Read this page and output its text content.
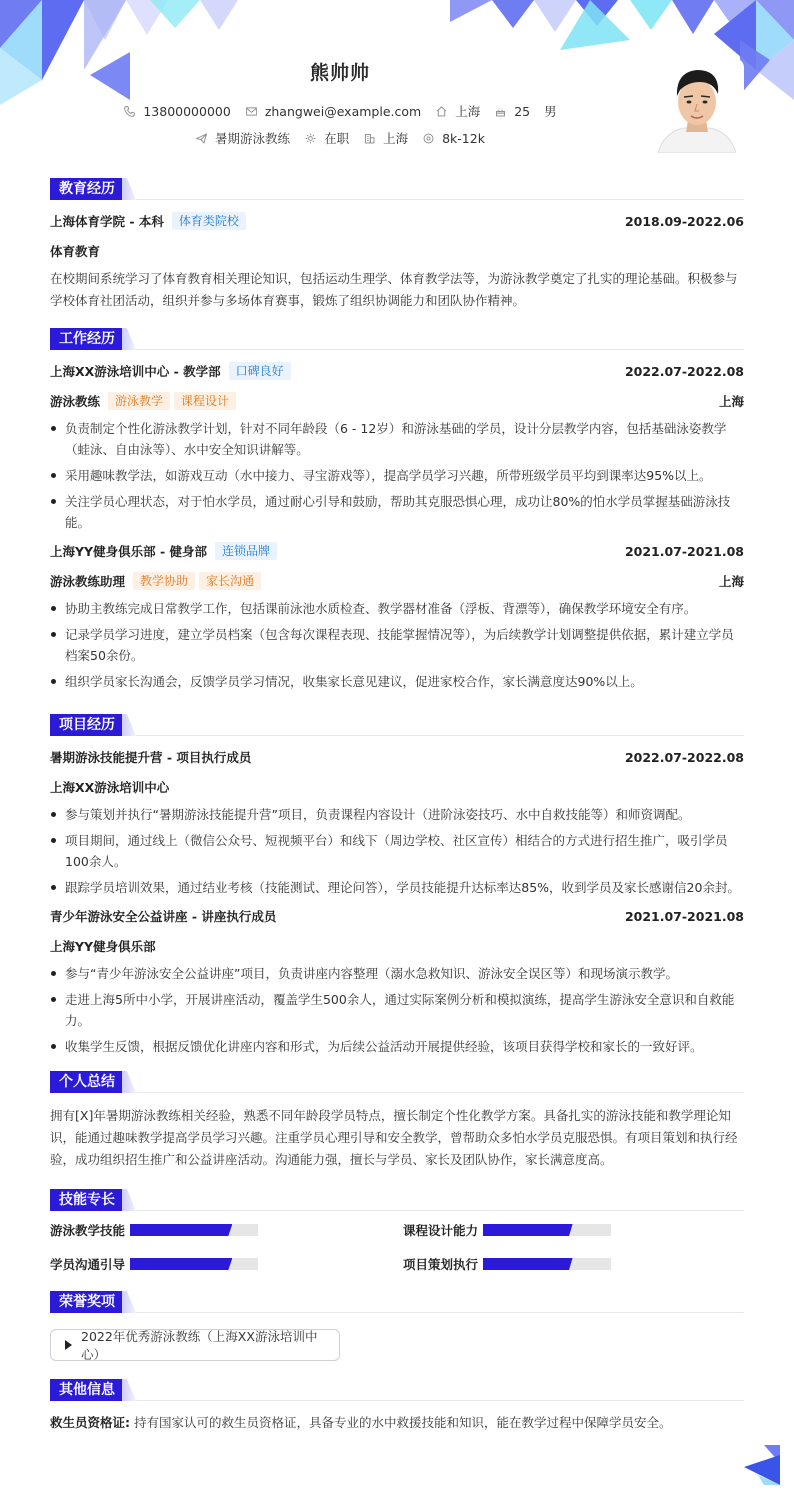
熊帅帅
13800000000	zhangwei@example.com	上海	25 男
暑期游泳教练	在职	上海	8k-12k
教育经历
上海体育学院 - 本科	体育类院校	2018.09-2022.06
体育教育
在校期间系统学习了体育教育相关理论知识，包括运动生理学、体育教学法等，为游泳教学奠定了扎实的理论基础。积极参与学校体育社团活动，组织并参与多场体育赛事，锻炼了组织协调能力和团队协作精神。
工作经历
上海XX游泳培训中心 - 教学部	口碑良好	2022.07-2022.08
游泳教练	游泳教学	课程设计	上海
负责制定个性化游泳教学计划，针对不同年龄段（6 - 12岁）和游泳基础的学员，设计分层教学内容，包括基础泳姿教学（蛙泳、自由泳等）、水中安全知识讲解等。
采用趣味教学法，如游戏互动（水中接力、寻宝游戏等），提高学员学习兴趣，所带班级学员平均到课率达95%以上。
关注学员心理状态，对于怕水学员，通过耐心引导和鼓励，帮助其克服恐惧心理，成功让80%的怕水学员掌握基础游泳技能。
上海YY健身俱乐部 - 健身部	连锁品牌	2021.07-2021.08
游泳教练助理	教学协助	家长沟通	上海
协助主教练完成日常教学工作，包括课前泳池水质检查、教学器材准备（浮板、背漂等），确保教学环境安全有序。
记录学员学习进度，建立学员档案（包含每次课程表现、技能掌握情况等），为后续教学计划调整提供依据，累计建立学员档案50余份。
组织学员家长沟通会，反馈学员学习情况，收集家长意见建议，促进家校合作，家长满意度达90%以上。
项目经历
暑期游泳技能提升营 - 项目执行成员	2022.07-2022.08
上海XX游泳培训中心
参与策划并执行“暑期游泳技能提升营”项目，负责课程内容设计（进阶泳姿技巧、水中自救技能等）和师资调配。
项目期间，通过线上（微信公众号、短视频平台）和线下（周边学校、社区宣传）相结合的方式进行招生推广，吸引学员100余人。
跟踪学员培训效果，通过结业考核（技能测试、理论问答），学员技能提升达标率达85%，收到学员及家长感谢信20余封。
青少年游泳安全公益讲座 - 讲座执行成员	2021.07-2021.08
上海YY健身俱乐部
参与“青少年游泳安全公益讲座”项目，负责讲座内容整理（溺水急救知识、游泳安全误区等）和现场演示教学。
走进上海5所中小学，开展讲座活动，覆盖学生500余人，通过实际案例分析和模拟演练，提高学生游泳安全意识和自救能力。
收集学生反馈，根据反馈优化讲座内容和形式，为后续公益活动开展提供经验，该项目获得学校和家长的一致好评。
个人总结
拥有[X]年暑期游泳教练相关经验，熟悉不同年龄段学员特点，擅长制定个性化教学方案。具备扎实的游泳技能和教学理论知识，能通过趣味教学提高学员学习兴趣。注重学员心理引导和安全教学，曾帮助众多怕水学员克服恐惧。有项目策划和执行经验，成功组织招生推广和公益讲座活动。沟通能力强，擅长与学员、家长及团队协作，家长满意度高。
技能专长
游泳教学技能	课程设计能力
学员沟通引导	项目策划执行
荣誉奖项
2022年优秀游泳教练（上海XX游泳培训中心）
其他信息
救生员资格证: 持有国家认可的救生员资格证，具备专业的水中救援技能和知识，能在教学过程中保障学员安全。
